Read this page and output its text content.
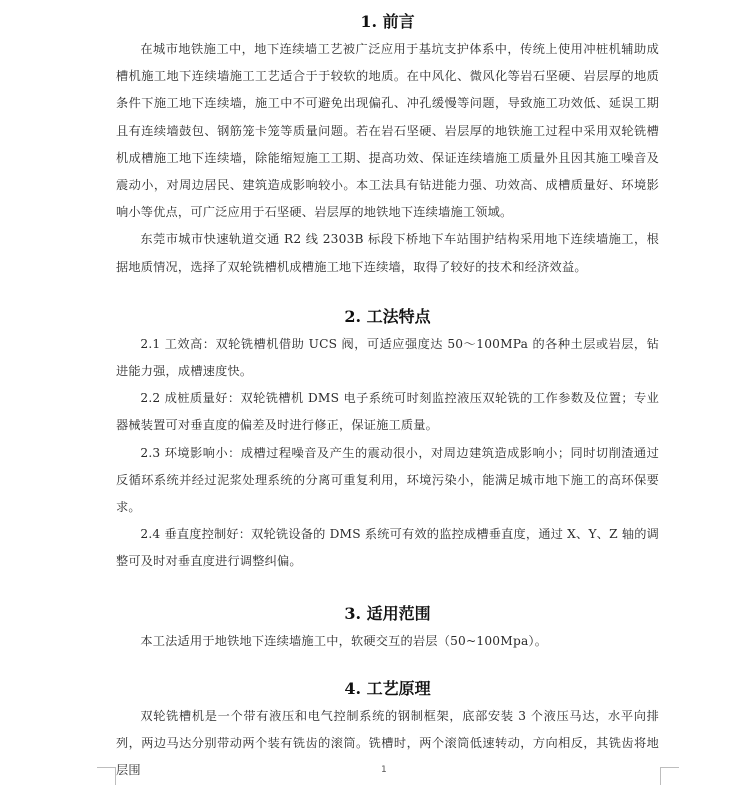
1. 前言

在城市地铁施工中，地下连续墙工艺被广泛应用于基坑支护体系中，传统上使用冲桩机辅助成槽机施工地下连续墙施工工艺适合于于较软的地质。在中风化、微风化等岩石坚硬、岩层厚的地质条件下施工地下连续墙，施工中不可避免出现偏孔、冲孔缓慢等问题，导致施工功效低、延误工期且有连续墙鼓包、钢筋笼卡笼等质量问题。若在岩石坚硬、岩层厚的地铁施工过程中采用双轮铣槽机成槽施工地下连续墙，除能缩短施工工期、提高功效、保证连续墙施工质量外且因其施工噪音及震动小，对周边居民、建筑造成影响较小。本工法具有钻进能力强、功效高、成槽质量好、环境影响小等优点，可广泛应用于石坚硬、岩层厚的地铁地下连续墙施工领域。

东莞市城市快速轨道交通 R2 线 2303B 标段下桥地下车站围护结构采用地下连续墙施工，根据地质情况，选择了双轮铣槽机成槽施工地下连续墙，取得了较好的技术和经济效益。

2. 工法特点

2.1 工效高：双轮铣槽机借助 UCS 阀，可适应强度达 50～100MPa 的各种土层或岩层，钻进能力强，成槽速度快。

2.2 成桩质量好：双轮铣槽机 DMS 电子系统可时刻监控液压双轮铣的工作参数及位置；专业器械装置可对垂直度的偏差及时进行修正，保证施工质量。

2.3 环境影响小：成槽过程噪音及产生的震动很小，对周边建筑造成影响小；同时切削渣通过反循环系统并经过泥浆处理系统的分离可重复利用，环境污染小，能满足城市地下施工的高环保要求。

2.4 垂直度控制好：双轮铣设备的 DMS 系统可有效的监控成槽垂直度，通过 X、Y、Z 轴的调整可及时对垂直度进行调整纠偏。

3. 适用范围

本工法适用于地铁地下连续墙施工中，软硬交互的岩层（50~100Mpa）。

4. 工艺原理

双轮铣槽机是一个带有液压和电气控制系统的钢制框架，底部安装 3 个液压马达，水平向排列，两边马达分别带动两个装有铣齿的滚筒。铣槽时，两个滚筒低速转动，方向相反，其铣齿将地层围	1
